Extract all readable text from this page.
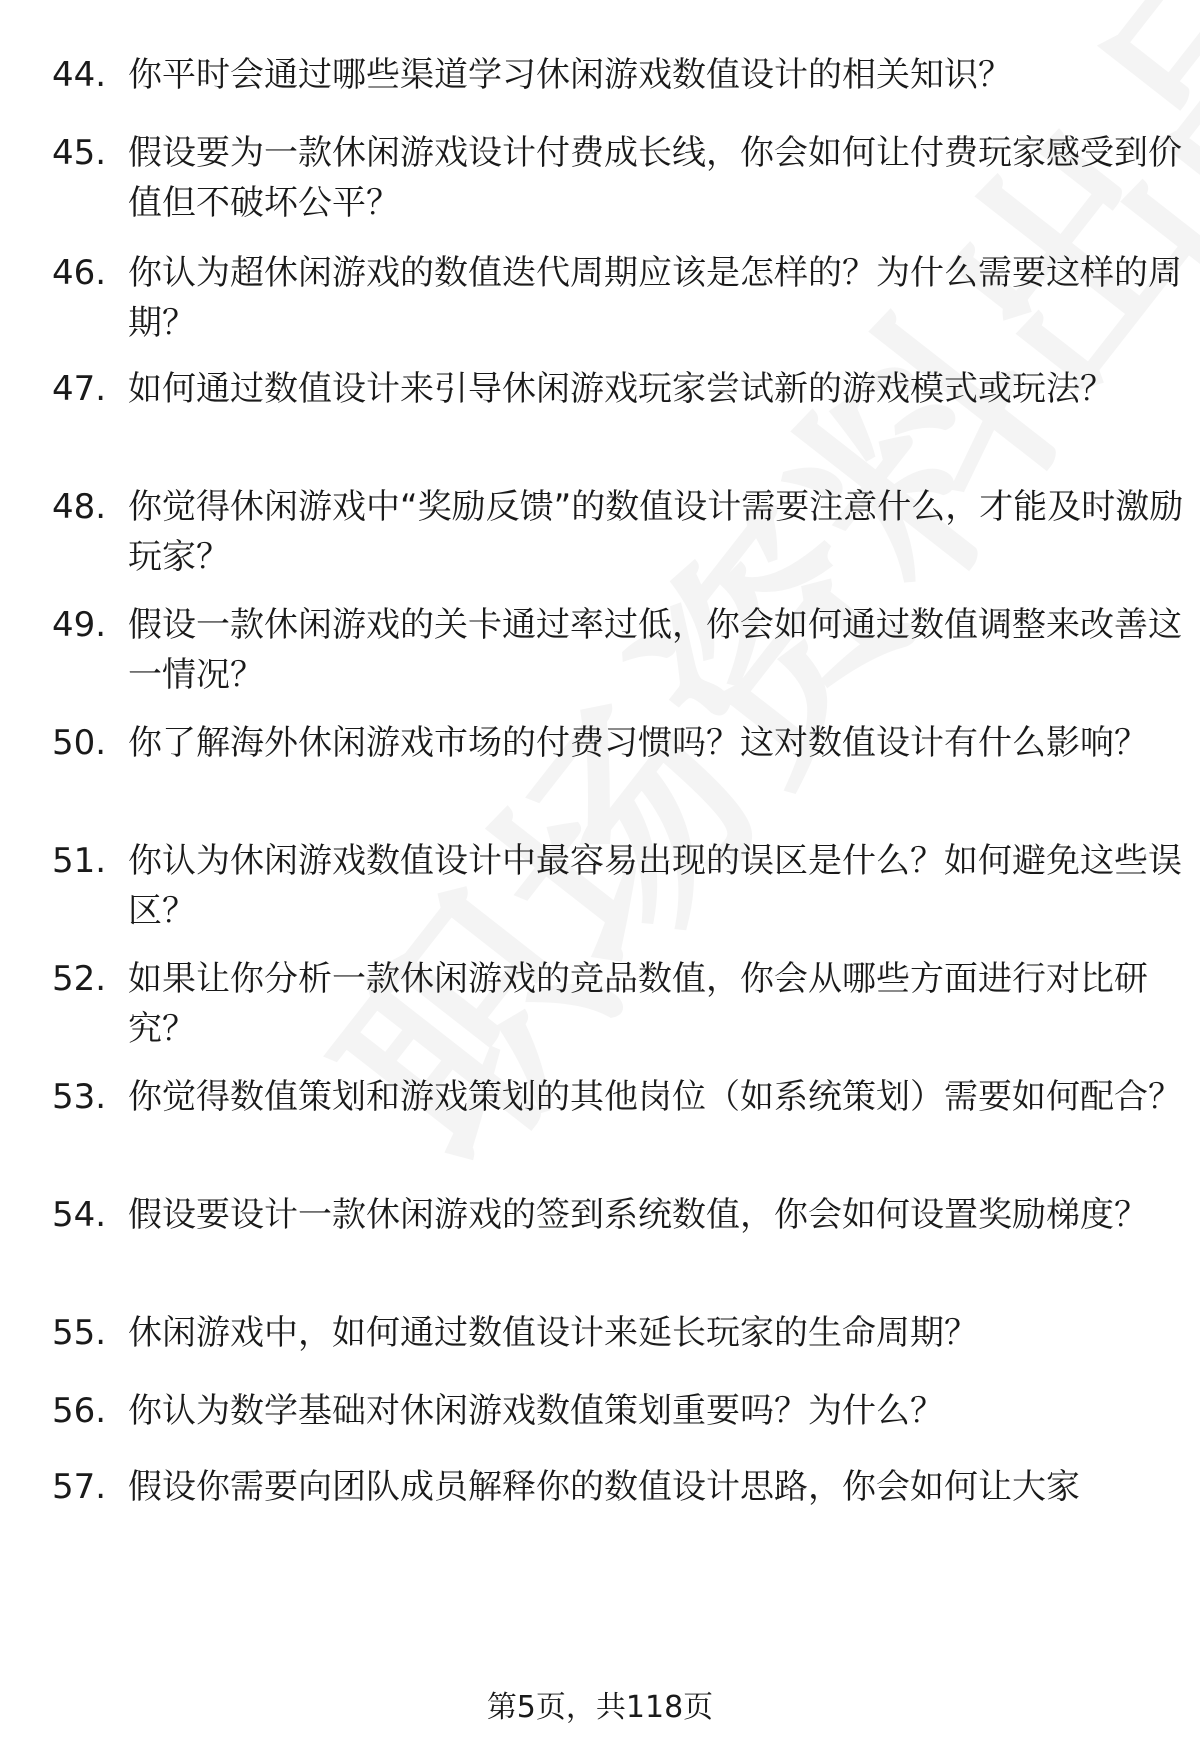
44. 你平时会通过哪些渠道学习休闲游戏数值设计的相关知识？
45. 假设要为一款休闲游戏设计付费成长线，你会如何让付费玩家感受到价值但不破坏公平？
46. 你认为超休闲游戏的数值迭代周期应该是怎样的？为什么需要这样的周期？
47. 如何通过数值设计来引导休闲游戏玩家尝试新的游戏模式或玩法？
48. 你觉得休闲游戏中“奖励反馈”的数值设计需要注意什么，才能及时激励玩家？
49. 假设一款休闲游戏的关卡通过率过低，你会如何通过数值调整来改善这一情况？
50. 你了解海外休闲游戏市场的付费习惯吗？这对数值设计有什么影响？
51. 你认为休闲游戏数值设计中最容易出现的误区是什么？如何避免这些误区？
52. 如果让你分析一款休闲游戏的竞品数值，你会从哪些方面进行对比研究？
53. 你觉得数值策划和游戏策划的其他岗位（如系统策划）需要如何配合？
54. 假设要设计一款休闲游戏的签到系统数值，你会如何设置奖励梯度？
55. 休闲游戏中，如何通过数值设计来延长玩家的生命周期？
56. 你认为数学基础对休闲游戏数值策划重要吗？为什么？
57. 假设你需要向团队成员解释你的数值设计思路，你会如何让大家
第5页，共118页
